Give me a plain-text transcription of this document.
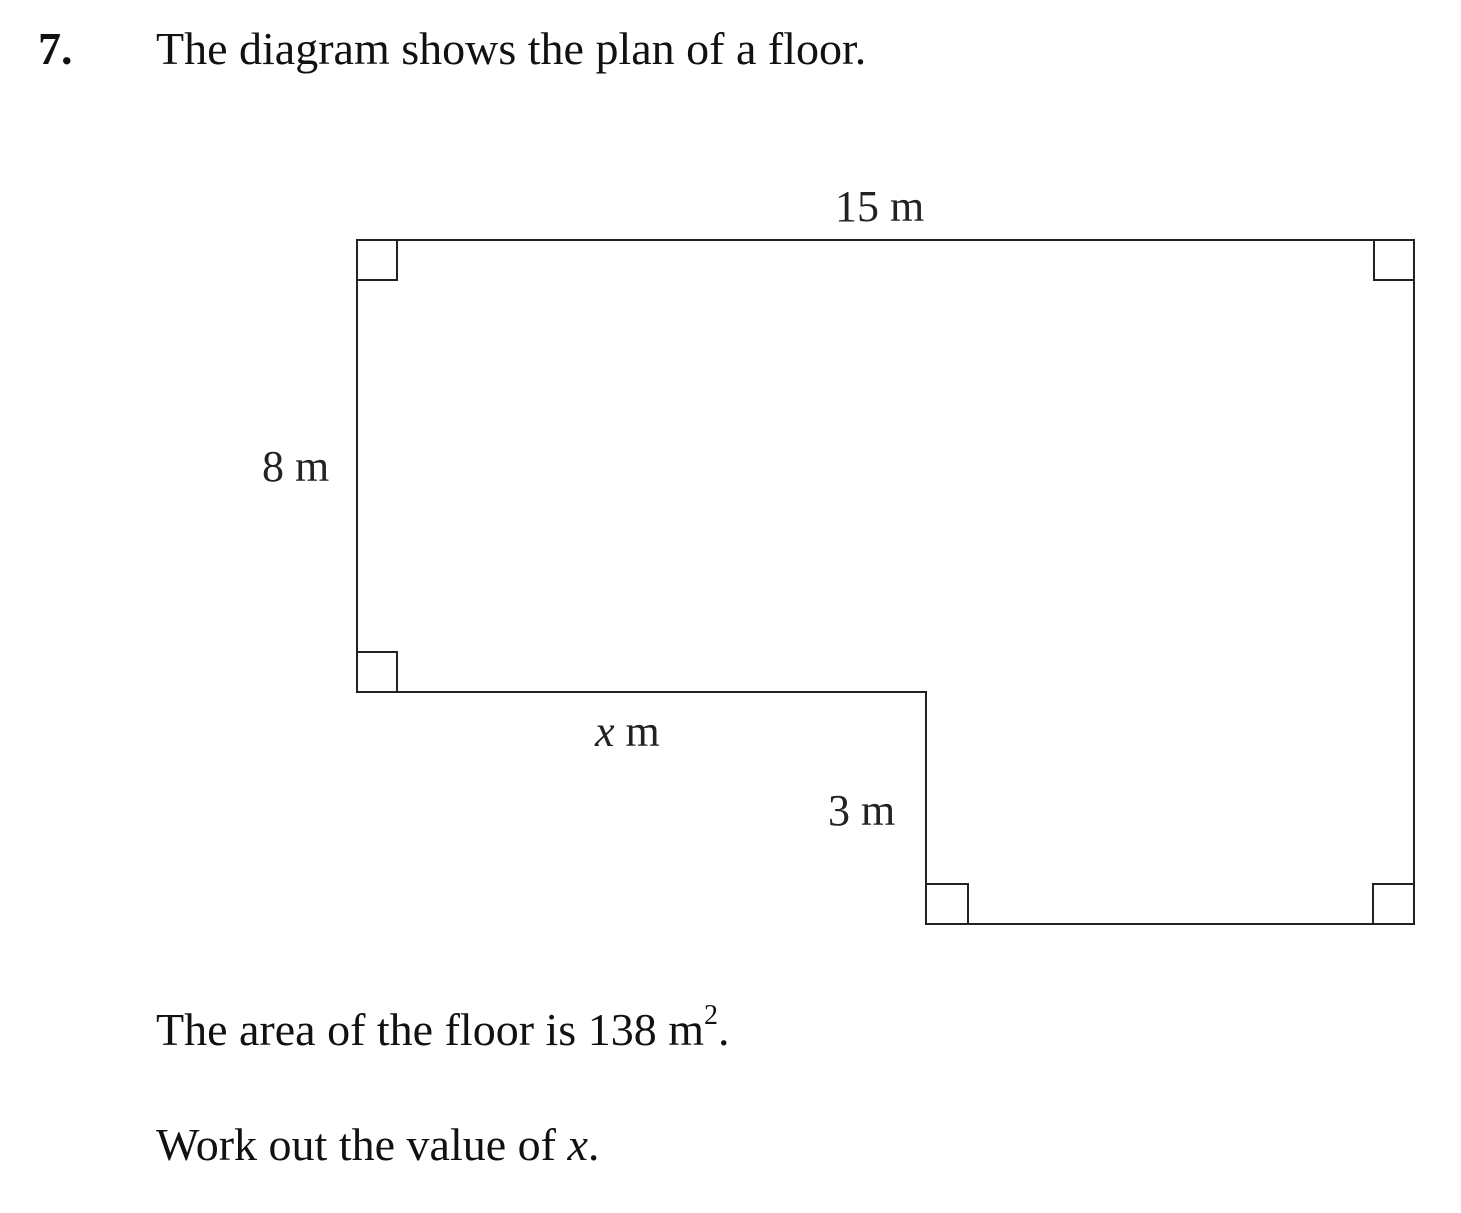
7. The diagram shows the plan of a floor.
15 m
8 m
x m
3 m
The area of the floor is 138 $m^2$.
Work out the value of x.
